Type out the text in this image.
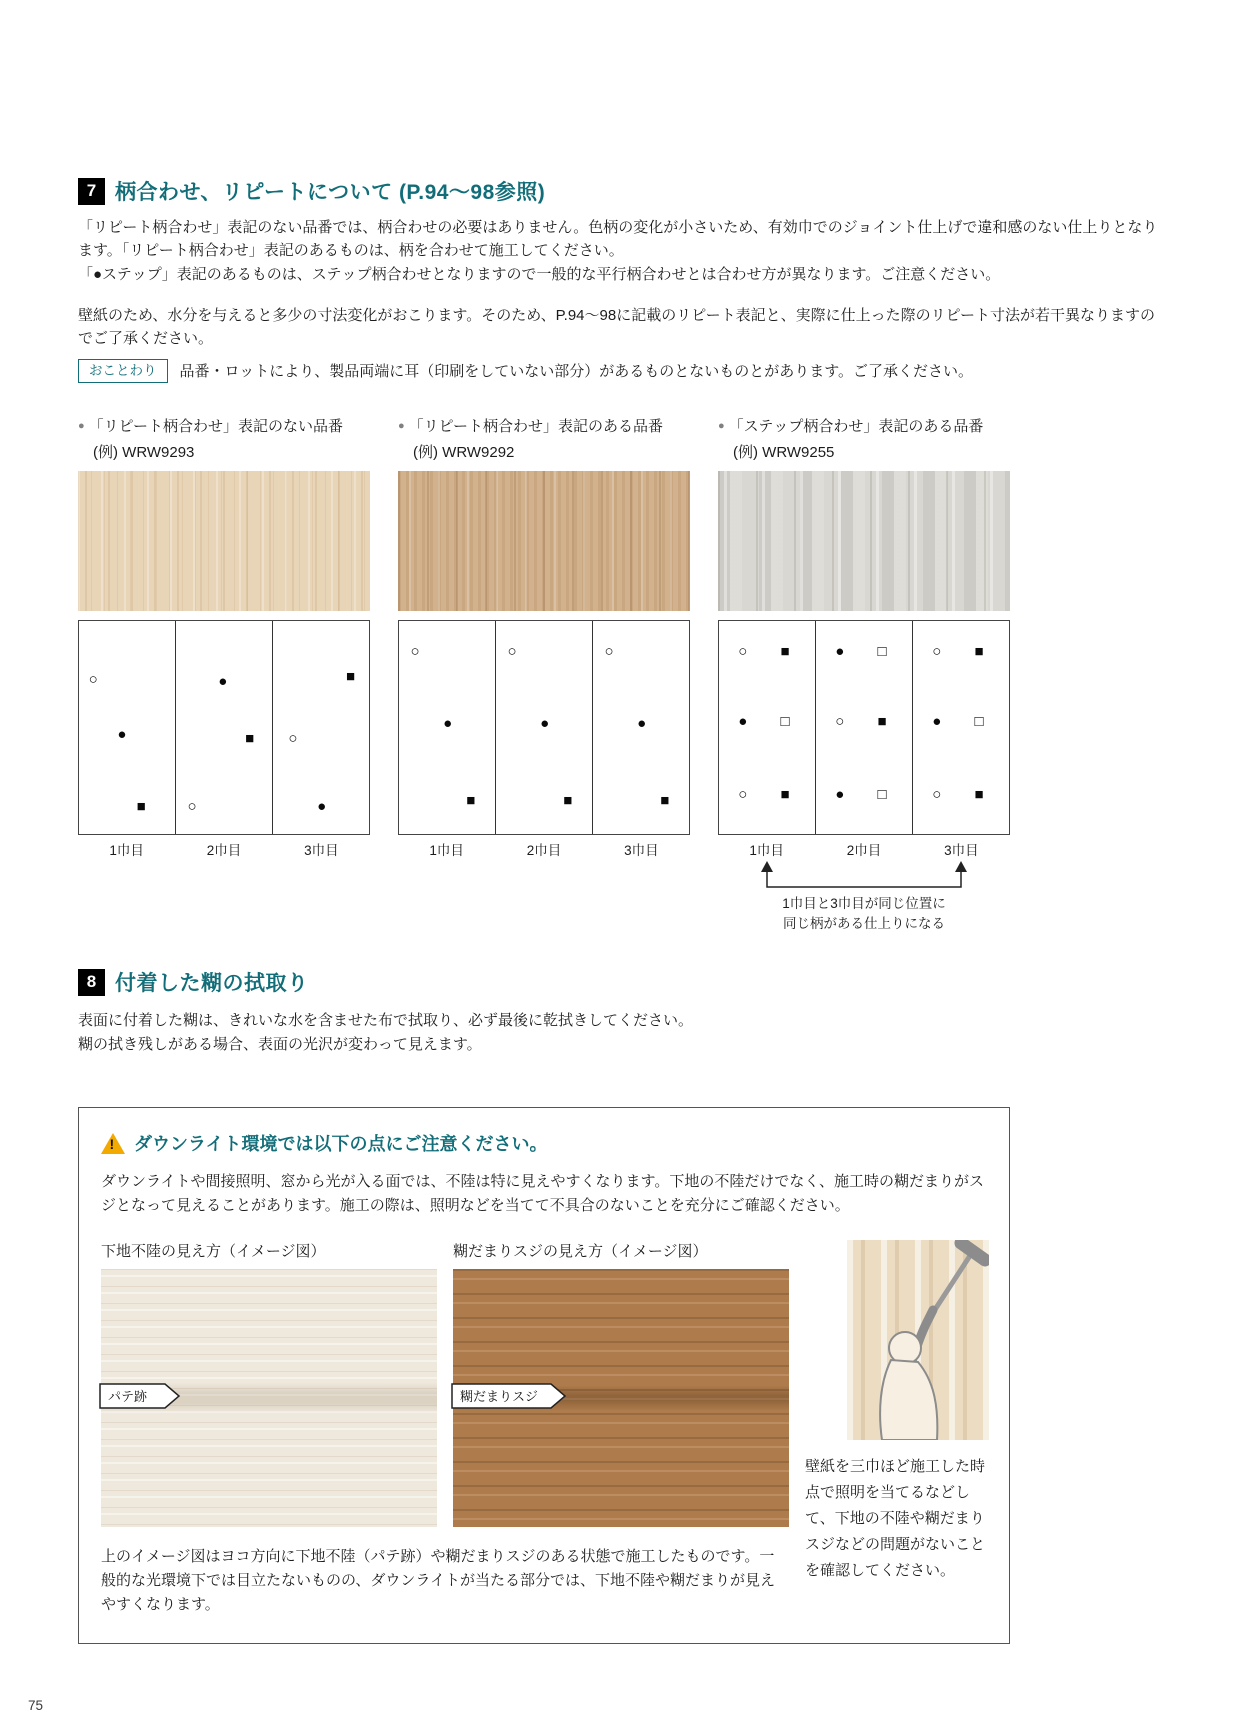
7 柄合わせ、リピートについて (P.94～98参照)
「リピート柄合わせ」表記のない品番では、柄合わせの必要はありません。色柄の変化が小さいため、有効巾でのジョイント仕上げで違和感のない仕上りとなります。「リピート柄合わせ」表記のあるものは、柄を合わせて施工してください。
「●ステップ」表記のあるものは、ステップ柄合わせとなりますので一般的な平行柄合わせとは合わせ方が異なります。ご注意ください。
壁紙のため、水分を与えると多少の寸法変化がおこります。そのため、P.94～98に記載のリピート表記と、実際に仕上った際のリピート寸法が若干異なりますのでご了承ください。
おことわり	品番・ロットにより、製品両端に耳（印刷をしていない部分）があるものとないものとがあります。ご了承ください。
● 「リピート柄合わせ」表記のない品番
(例) WRW9293
○
●
■
●
■
○
■
○
●
1巾目	2巾目	3巾目
● 「リピート柄合わせ」表記のある品番
(例) WRW9292
○
●
■
○
●
■
○
●
■
1巾目	2巾目	3巾目
● 「ステップ柄合わせ」表記のある品番
(例) WRW9255
○ ■
● □
○ ■
● □
○ ■
● □
○ ■
● □
○ ■
1巾目	2巾目	3巾目
1巾目と3巾目が同じ位置に
同じ柄がある仕上りになる
8 付着した糊の拭取り
表面に付着した糊は、きれいな水を含ませた布で拭取り、必ず最後に乾拭きしてください。
糊の拭き残しがある場合、表面の光沢が変わって見えます。
!
ダウンライト環境では以下の点にご注意ください。
ダウンライトや間接照明、窓から光が入る面では、不陸は特に見えやすくなります。下地の不陸だけでなく、施工時の糊だまりがスジとなって見えることがあります。施工の際は、照明などを当てて不具合のないことを充分にご確認ください。
下地不陸の見え方（イメージ図）	糊だまりスジの見え方（イメージ図）
パテ跡	糊だまりスジ
上のイメージ図はヨコ方向に下地不陸（パテ跡）や糊だまりスジのある状態で施工したものです。一般的な光環境下では目立たないものの、ダウンライトが当たる部分では、下地不陸や糊だまりが見えやすくなります。
壁紙を三巾ほど施工した時点で照明を当てるなどして、下地の不陸や糊だまりスジなどの問題がないことを確認してください。
75
